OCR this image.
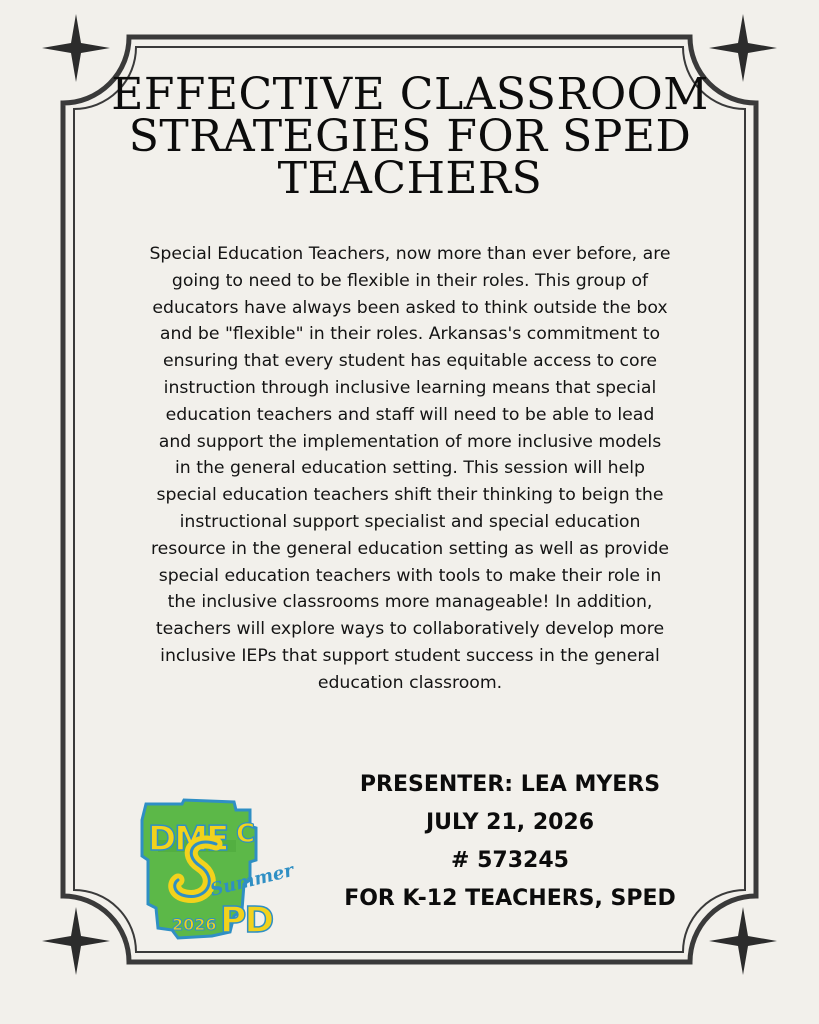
EFFECTIVE CLASSROOM
STRATEGIES FOR SPED
TEACHERS
Special Education Teachers, now more than ever before, are
going to need to be flexible in their roles. This group of
educators have always been asked to think outside the box
and be "flexible" in their roles. Arkansas's commitment to
ensuring that every student has equitable access to core
instruction through inclusive learning means that special
education teachers and staff will need to be able to lead
and support the implementation of more inclusive models
in the general education setting. This session will help
special education teachers shift their thinking to beign the
instructional support specialist and special education
resource in the general education setting as well as provide
special education teachers with tools to make their role in
the inclusive classrooms more manageable! In addition,
teachers will explore ways to collaboratively develop more
inclusive IEPs that support student success in the general
education classroom.
PRESENTER: LEA MYERS
JULY 21, 2026
# 573245
FOR K-12 TEACHERS, SPED
DME C
Summer
2026 PD
